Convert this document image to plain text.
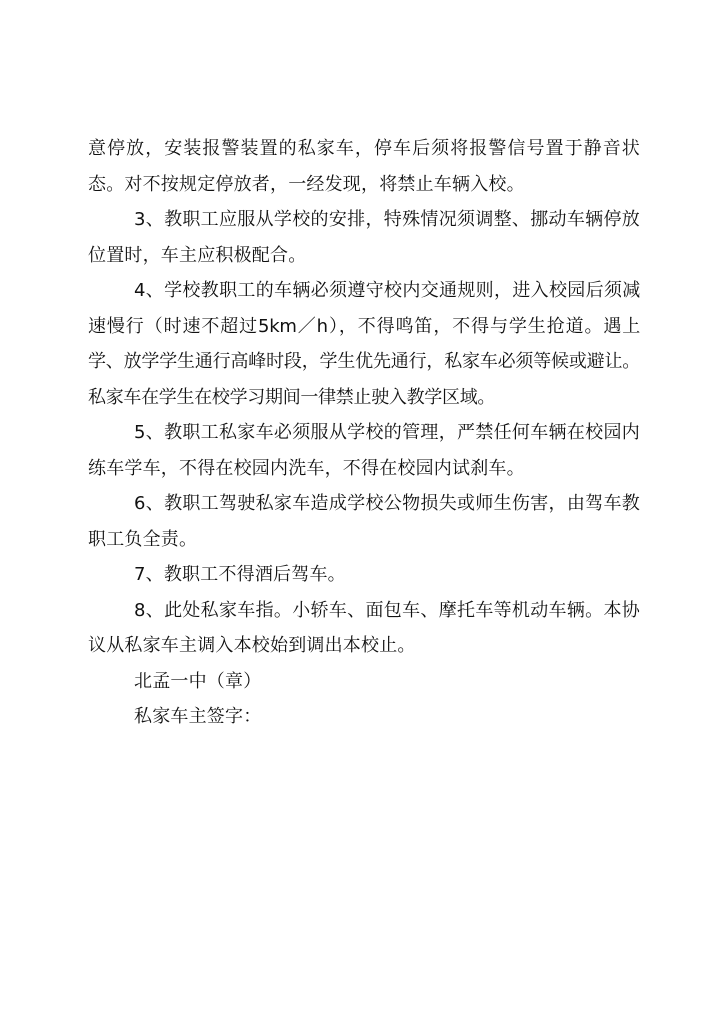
意停放，安装报警装置的私家车，停车后须将报警信号置于静音状态。对不按规定停放者，一经发现，将禁止车辆入校。

3、教职工应服从学校的安排，特殊情况须调整、挪动车辆停放位置时，车主应积极配合。

4、学校教职工的车辆必须遵守校内交通规则，进入校园后须减速慢行（时速不超过5km／h），不得鸣笛，不得与学生抢道。遇上学、放学学生通行高峰时段，学生优先通行，私家车必须等候或避让。私家车在学生在校学习期间一律禁止驶入教学区域。

5、教职工私家车必须服从学校的管理，严禁任何车辆在校园内练车学车，不得在校园内洗车，不得在校园内试刹车。

6、教职工驾驶私家车造成学校公物损失或师生伤害，由驾车教职工负全责。

7、教职工不得酒后驾车。

8、此处私家车指。小轿车、面包车、摩托车等机动车辆。本协议从私家车主调入本校始到调出本校止。

北孟一中（章）

私家车主签字：
